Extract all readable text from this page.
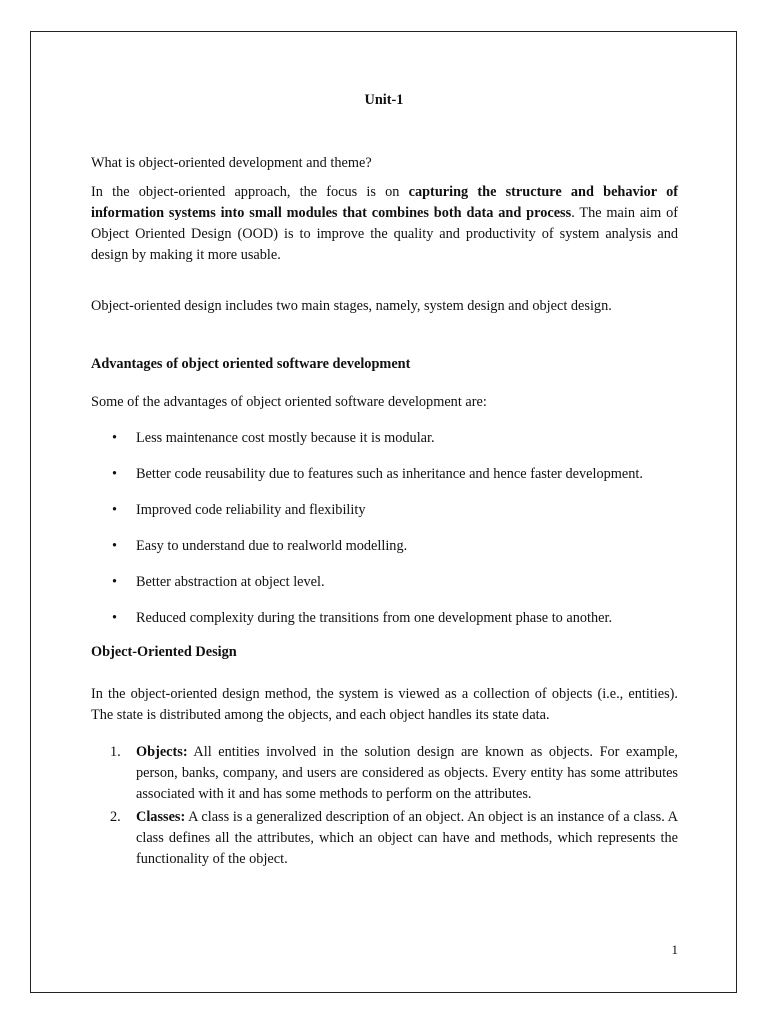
Unit-1

What is object-oriented development and theme?

In the object-oriented approach, the focus is on capturing the structure and behavior of information systems into small modules that combines both data and process. The main aim of Object Oriented Design (OOD) is to improve the quality and productivity of system analysis and design by making it more usable.

Object-oriented design includes two main stages, namely, system design and object design.

Advantages of object oriented software development

Some of the advantages of object oriented software development are:

• Less maintenance cost mostly because it is modular.
• Better code reusability due to features such as inheritance and hence faster development.
• Improved code reliability and flexibility
• Easy to understand due to realworld modelling.
• Better abstraction at object level.
• Reduced complexity during the transitions from one development phase to another.

Object-Oriented Design

In the object-oriented design method, the system is viewed as a collection of objects (i.e., entities). The state is distributed among the objects, and each object handles its state data.

1. Objects: All entities involved in the solution design are known as objects. For example, person, banks, company, and users are considered as objects. Every entity has some attributes associated with it and has some methods to perform on the attributes.
2. Classes: A class is a generalized description of an object. An object is an instance of a class. A class defines all the attributes, which an object can have and methods, which represents the functionality of the object.

1
